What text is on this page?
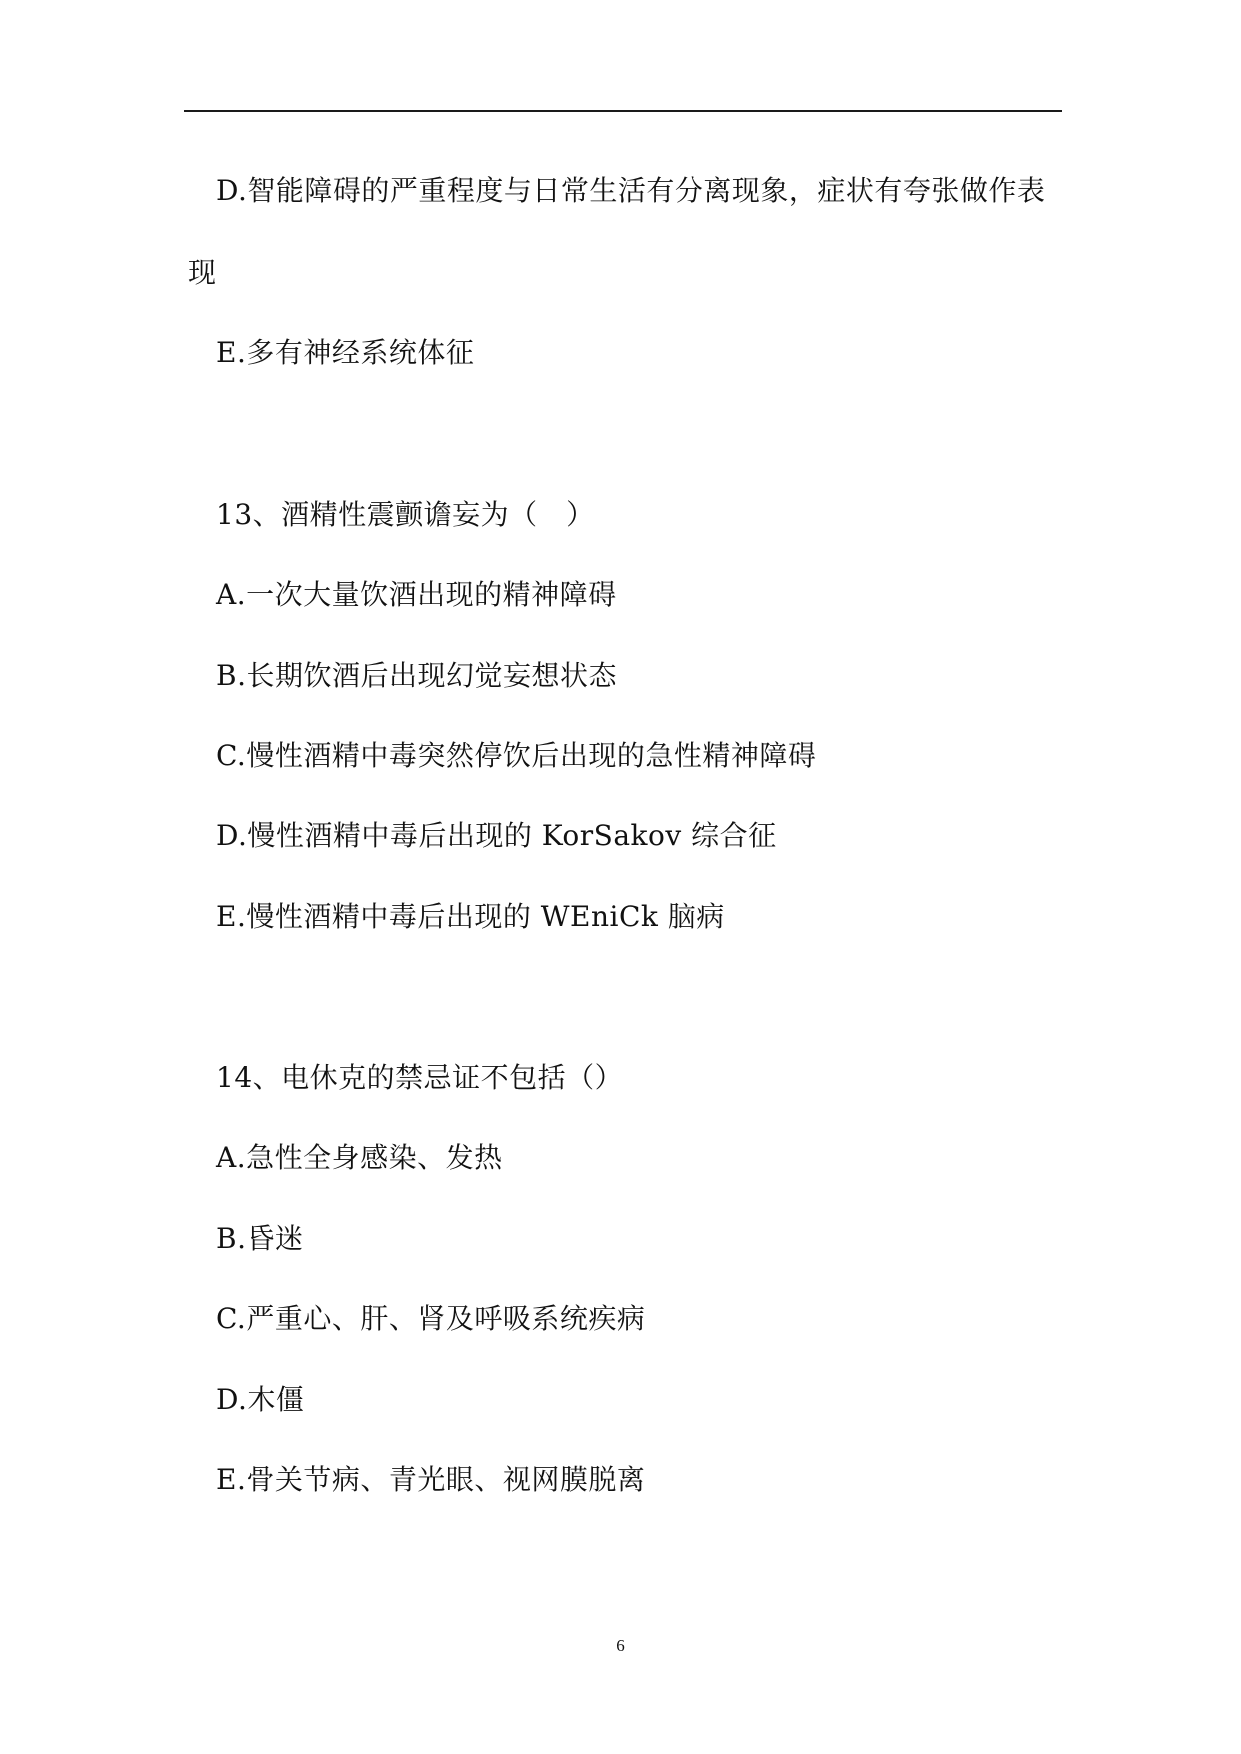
D.智能障碍的严重程度与日常生活有分离现象，症状有夸张做作表
现
E.多有神经系统体征
13、酒精性震颤谵妄为（　）
A.一次大量饮酒出现的精神障碍
B.长期饮酒后出现幻觉妄想状态
C.慢性酒精中毒突然停饮后出现的急性精神障碍
D.慢性酒精中毒后出现的 KorSakov 综合征
E.慢性酒精中毒后出现的 WEniCk 脑病
14、电休克的禁忌证不包括（）
A.急性全身感染、发热
B.昏迷
C.严重心、肝、肾及呼吸系统疾病
D.木僵
E.骨关节病、青光眼、视网膜脱离
6
